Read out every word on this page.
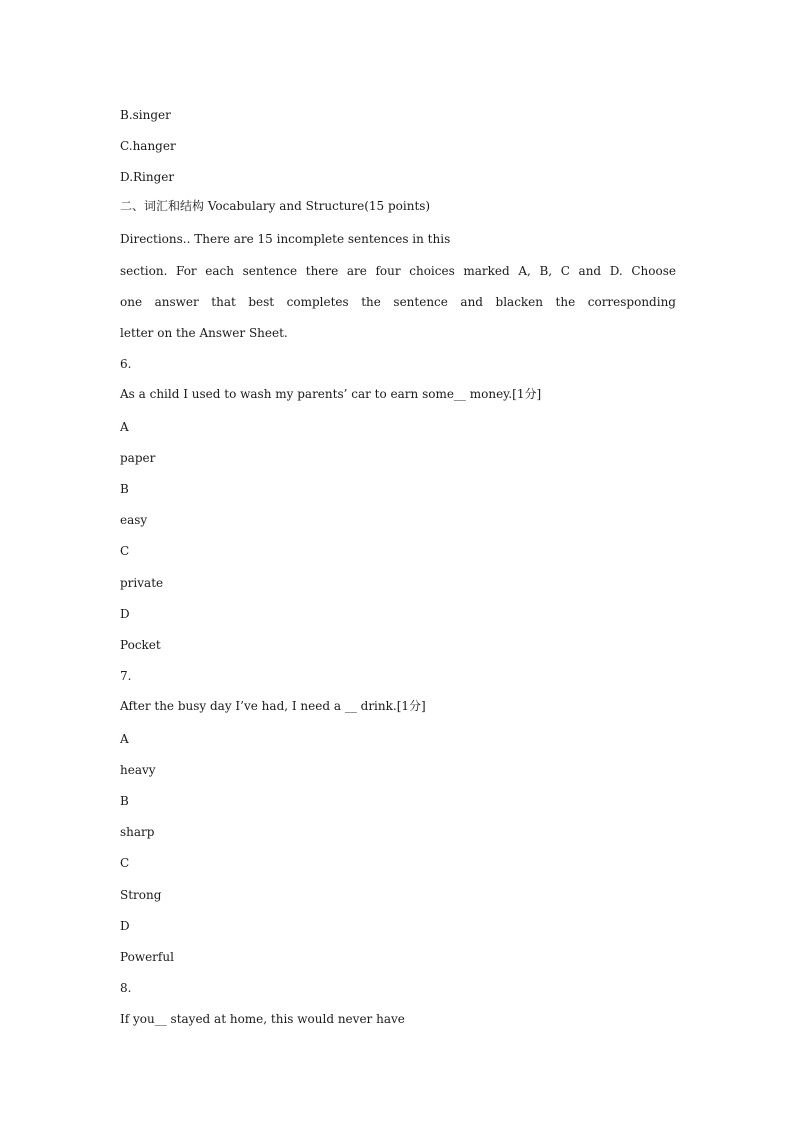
B.singer
C.hanger
D.Ringer
二、词汇和结构 Vocabulary and Structure(15 points)
Directions.. There are 15 incomplete sentences in this
section. For each sentence there are four choices marked A, B, C and D. Choose
one answer that best completes the sentence and blacken the corresponding
letter on the Answer Sheet.
6.
As a child I used to wash my parents’ car to earn some__ money.[1分]
A
paper
B
easy
C
private
D
Pocket
7.
After the busy day I’ve had, I need a __ drink.[1分]
A
heavy
B
sharp
C
Strong
D
Powerful
8.
If you__ stayed at home, this would never have
